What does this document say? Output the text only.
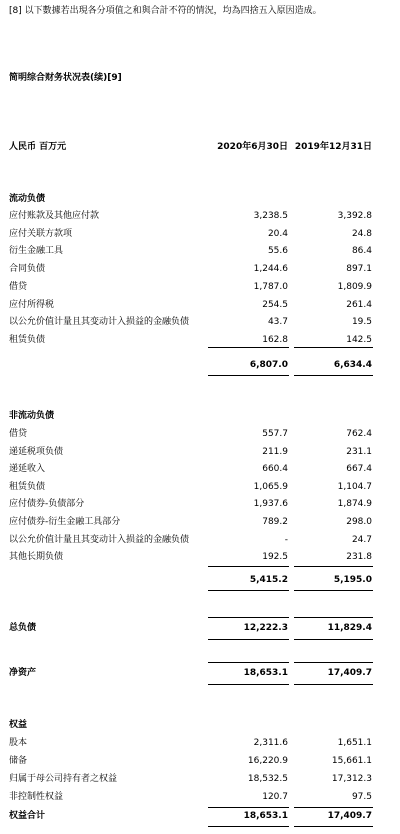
[8] 以下數據若出現各分項值之和與合計不符的情況，均為四捨五入原因造成。
简明综合财务状况表(续)[9]
人民币 百万元	2020年6月30日 2019年12月31日
流动负债
应付账款及其他应付款	3,238.5	3,392.8
应付关联方款项	20.4	24.8
衍生金融工具	55.6	86.4
合同负债	1,244.6	897.1
借贷	1,787.0	1,809.9
应付所得税	254.5	261.4
以公允价值计量且其变动计入损益的金融负债	43.7	19.5
租赁负债	162.8	142.5
6,807.0	6,634.4
非流动负债
借贷	557.7	762.4
递延税项负债	211.9	231.1
递延收入	660.4	667.4
租赁负债	1,065.9	1,104.7
应付债券-负债部分	1,937.6	1,874.9
应付债券-衍生金融工具部分	789.2	298.0
以公允价值计量且其变动计入损益的金融负债	-	24.7
其他长期负债	192.5	231.8
5,415.2	5,195.0
总负债	12,222.3	11,829.4
净资产	18,653.1	17,409.7
权益
股本	2,311.6	1,651.1
储备	16,220.9	15,661.1
归属于母公司持有者之权益	18,532.5	17,312.3
非控制性权益	120.7	97.5
权益合计	18,653.1	17,409.7
